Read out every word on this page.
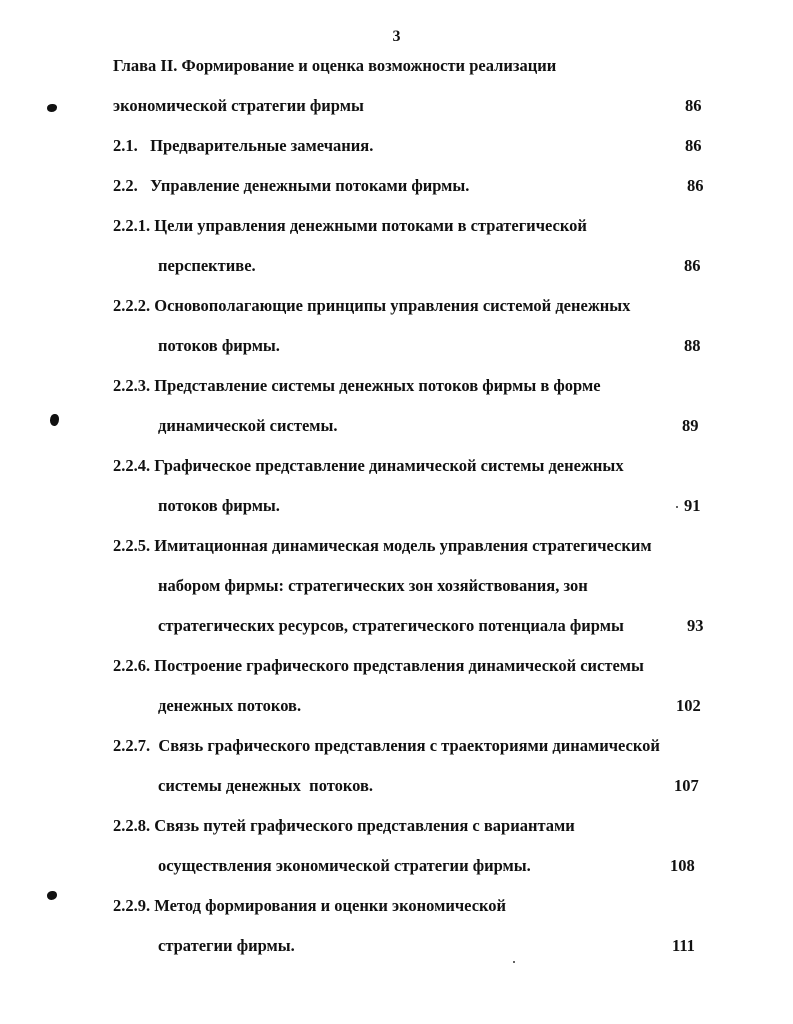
3
Глава II. Формирование и оценка возможности реализации
экономической стратегии фирмы	86
2.1.   Предварительные замечания.	86
2.2.   Управление денежными потоками фирмы.	86
2.2.1. Цели управления денежными потоками в стратегической
перспективе.	86
2.2.2. Основополагающие принципы управления системой денежных
потоков фирмы.	88
2.2.3. Представление системы денежных потоков фирмы в форме
динамической системы.	89
2.2.4. Графическое представление динамической системы денежных
потоков фирмы.	91
2.2.5. Имитационная динамическая модель управления стратегическим
набором фирмы: стратегических зон хозяйствования, зон
стратегических ресурсов, стратегического потенциала фирмы	93
2.2.6. Построение графического представления динамической системы
денежных потоков.	102
2.2.7.  Связь графического представления с траекториями динамической
системы денежных  потоков.	107
2.2.8. Связь путей графического представления с вариантами
осуществления экономической стратегии фирмы.	108
2.2.9. Метод формирования и оценки экономической
стратегии фирмы.	111
